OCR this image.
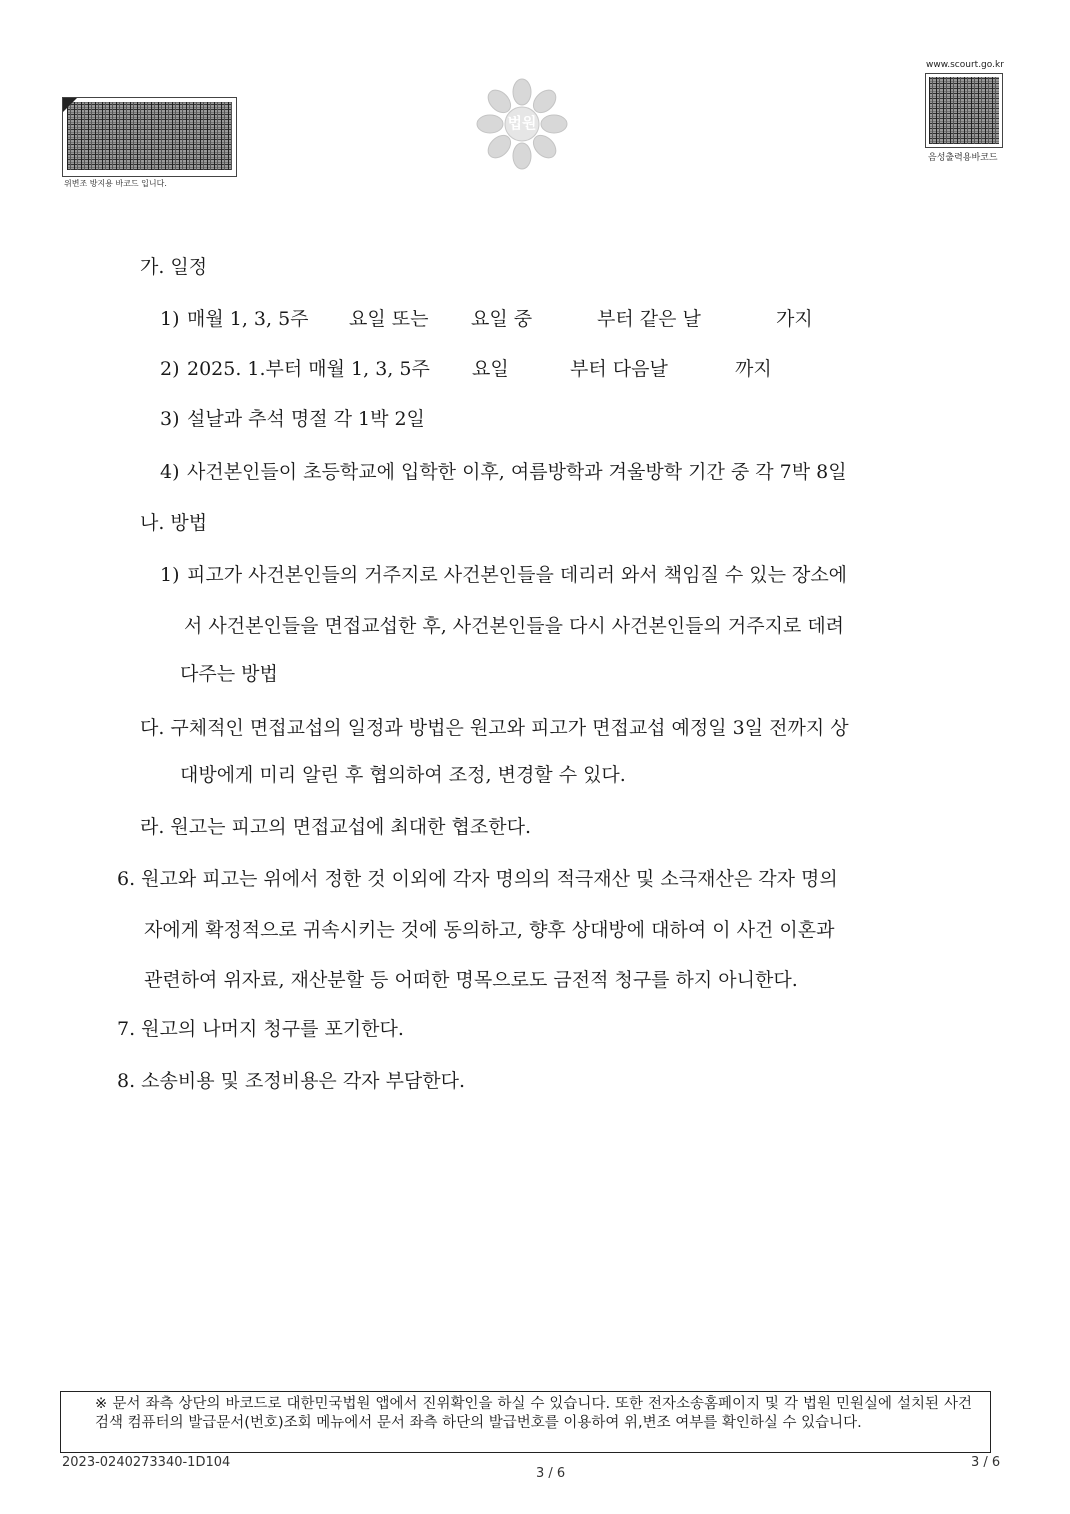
위변조 방지용 바코드 입니다.
법원
www.scourt.go.kr
음성출력용바코드
가. 일정
1) 매월 1, 3, 5주 요일 또는 요일 중	부터 같은 날	가지
2) 2025. 1.부터 매월 1, 3, 5주 요일	부터 다음날	까지
3) 설날과 추석 명절 각 1박 2일
4) 사건본인들이 초등학교에 입학한 이후, 여름방학과 겨울방학 기간 중 각 7박 8일
나. 방법
1) 피고가 사건본인들의 거주지로 사건본인들을 데리러 와서 책임질 수 있는 장소에
서 사건본인들을 면접교섭한 후, 사건본인들을 다시 사건본인들의 거주지로 데려
다주는 방법
다. 구체적인 면접교섭의 일정과 방법은 원고와 피고가 면접교섭 예정일 3일 전까지 상
대방에게 미리 알린 후 협의하여 조정, 변경할 수 있다.
라. 원고는 피고의 면접교섭에 최대한 협조한다.
6. 원고와 피고는 위에서 정한 것 이외에 각자 명의의 적극재산 및 소극재산은 각자 명의
자에게 확정적으로 귀속시키는 것에 동의하고, 향후 상대방에 대하여 이 사건 이혼과
관련하여 위자료, 재산분할 등 어떠한 명목으로도 금전적 청구를 하지 아니한다.
7. 원고의 나머지 청구를 포기한다.
8. 소송비용 및 조정비용은 각자 부담한다.
※ 문서 좌측 상단의 바코드로 대한민국법원 앱에서 진위확인을 하실 수 있습니다. 또한 전자소송홈페이지 및 각 법원 민원실에 설치된 사건검색 컴퓨터의 발급문서(번호)조회 메뉴에서 문서 좌측 하단의 발급번호를 이용하여 위,변조 여부를 확인하실 수 있습니다.
2023-0240273340-1D104
3 / 6
3 / 6
